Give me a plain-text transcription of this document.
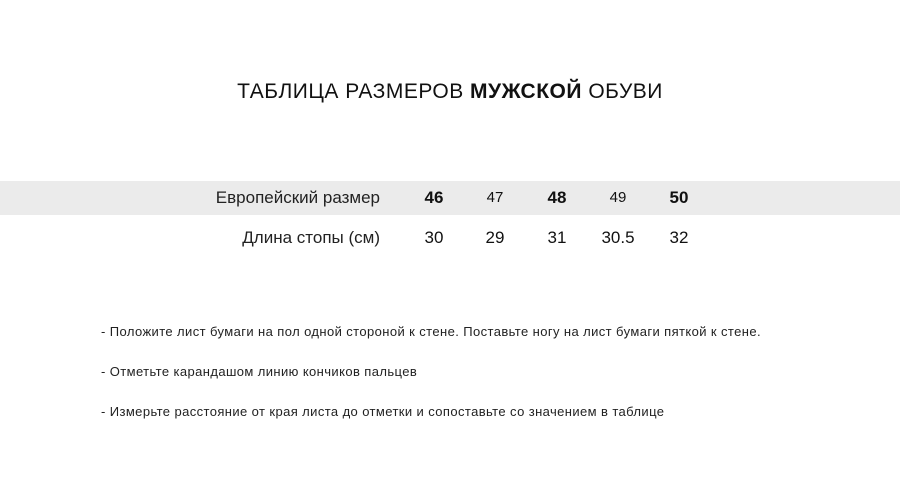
ТАБЛИЦА РАЗМЕРОВ МУЖСКОЙ ОБУВИ
Европейский размер	46	47	48	49	50
Длина стопы (см)	30	29	31	30.5	32
- Положите лист бумаги на пол одной стороной к стене. Поставьте ногу на лист бумаги пяткой к стене.
- Отметьте карандашом линию кончиков пальцев
- Измерьте расстояние от края листа до отметки и сопоставьте со значением в таблице
